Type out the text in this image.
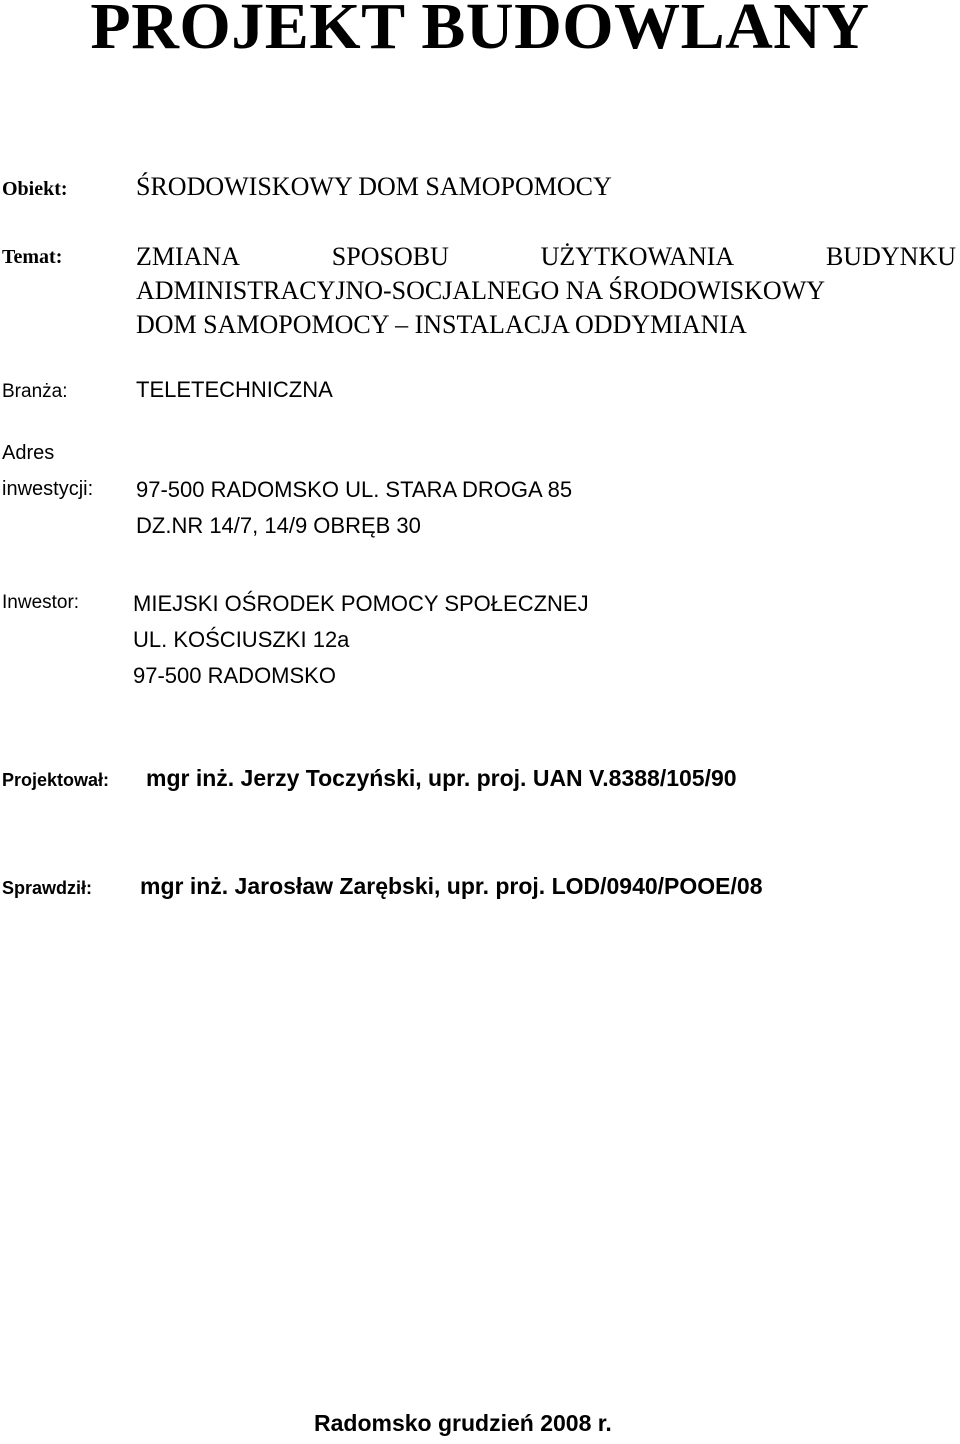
PROJEKT BUDOWLANY
Obiekt:	ŚRODOWISKOWY DOM SAMOPOMOCY
Temat:	ZMIANA	SPOSOBU	UŻYTKOWANIA	BUDYNKU
ADMINISTRACYJNO-SOCJALNEGO NA ŚRODOWISKOWY
DOM SAMOPOMOCY – INSTALACJA ODDYMIANIA
Branża:	TELETECHNICZNA
Adres
inwestycji: 97-500 RADOMSKO UL. STARA DROGA 85
DZ.NR 14/7, 14/9 OBRĘB 30
Inwestor: MIEJSKI OŚRODEK POMOCY SPOŁECZNEJ
UL. KOŚCIUSZKI 12a
97-500 RADOMSKO
Projektował: mgr inż. Jerzy Toczyński, upr. proj. UAN V.8388/105/90
Sprawdził: mgr inż. Jarosław Zarębski, upr. proj. LOD/0940/POOE/08
Radomsko grudzień 2008 r.
